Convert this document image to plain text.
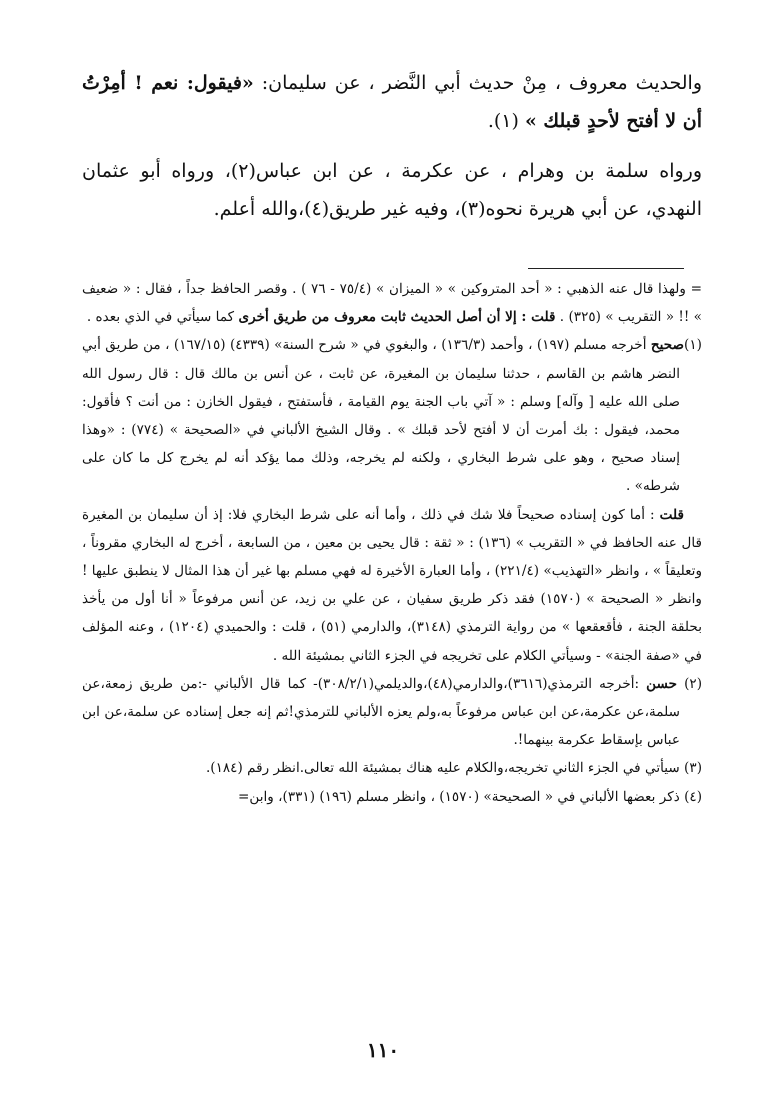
والحديث معروف ، مِنْ حديث أبي النَّضر ، عن سليمان: «فيقول: نعم ! أمِرْتُ أن لا أفتح لأحدٍ قبلك » (١).

ورواه سلمة بن وهرام ، عن عكرمة ، عن ابن عباس(٢)، ورواه أبو عثمان النهدي، عن أبي هريرة نحوه(٣)، وفيه غير طريق(٤)،والله أعلم.

= ولهذا قال عنه الذهبي : « أحد المتروكين » « الميزان » (٧٥/٤ - ٧٦ ) . وقصر الحافظ جداً ، فقال : « ضعيف » !! « التقريب » (٣٢٥) . قلت : إلا أن أصل الحديث ثابت معروف من طريق أخرى كما سيأتي في الذي بعده .

(١)صحيح أخرجه مسلم (١٩٧) ، وأحمد (١٣٦/٣) ، والبغوي في « شرح السنة» (٤٣٣٩) (١٦٧/١٥) ، من طريق أبي النضر هاشم بن القاسم ، حدثنا سليمان بن المغيرة، عن ثابت ، عن أنس بن مالك قال : قال رسول الله صلى الله عليه [ وآله] وسلم : « آتي باب الجنة يوم القيامة ، فأستفتح ، فيقول الخازن : من أنت ؟ فأقول: محمد، فيقول : بك أمرت أن لا أفتح لأحد قبلك » . وقال الشيخ الألباني في «الصحيحة » (٧٧٤) : «وهذا إسناد صحيح ، وهو على شرط البخاري ، ولكنه لم يخرجه، وذلك مما يؤكد أنه لم يخرج كل ما كان على شرطه» .

قلت : أما كون إسناده صحيحاً فلا شك في ذلك ، وأما أنه على شرط البخاري فلا: إذ أن سليمان بن المغيرة قال عنه الحافظ في « التقريب » (١٣٦) : « ثقة : قال يحيى بن معين ، من السابعة ، أخرج له البخاري مقروناً ، وتعليقاً » ، وانظر «التهذيب» (٢٢١/٤) ، وأما العبارة الأخيرة له فهي مسلم بها غير أن هذا المثال لا ينطبق عليها ! وانظر « الصحيحة » (١٥٧٠) فقد ذكر طريق سفيان ، عن علي بن زيد، عن أنس مرفوعاً « أنا أول من يأخذ بحلقة الجنة ، فأقعقعها » من رواية الترمذي (٣١٤٨)، والدارمي (٥١) ، قلت : والحميدي (١٢٠٤) ، وعنه المؤلف في «صفة الجنة» - وسيأتي الكلام على تخريجه في الجزء الثاني بمشيئة الله .

(٢) حسن :أخرجه الترمذي(٣٦١٦)،والدارمي(٤٨)،والديلمي(٣٠٨/٢/١)- كما قال الألباني -:من طريق زمعة،عن سلمة،عن عكرمة،عن ابن عباس مرفوعاً به،ولم يعزه الألباني للترمذي!ثم إنه جعل إسناده عن سلمة،عن ابن عباس بإسقاط عكرمة بينهما!.

(٣) سيأتي في الجزء الثاني تخريجه،والكلام عليه هناك بمشيئة الله تعالى.انظر رقم (١٨٤).

(٤) ذكر بعضها الألباني في « الصحيحة» (١٥٧٠) ، وانظر مسلم (١٩٦) (٣٣١)، وابن=

١١٠
